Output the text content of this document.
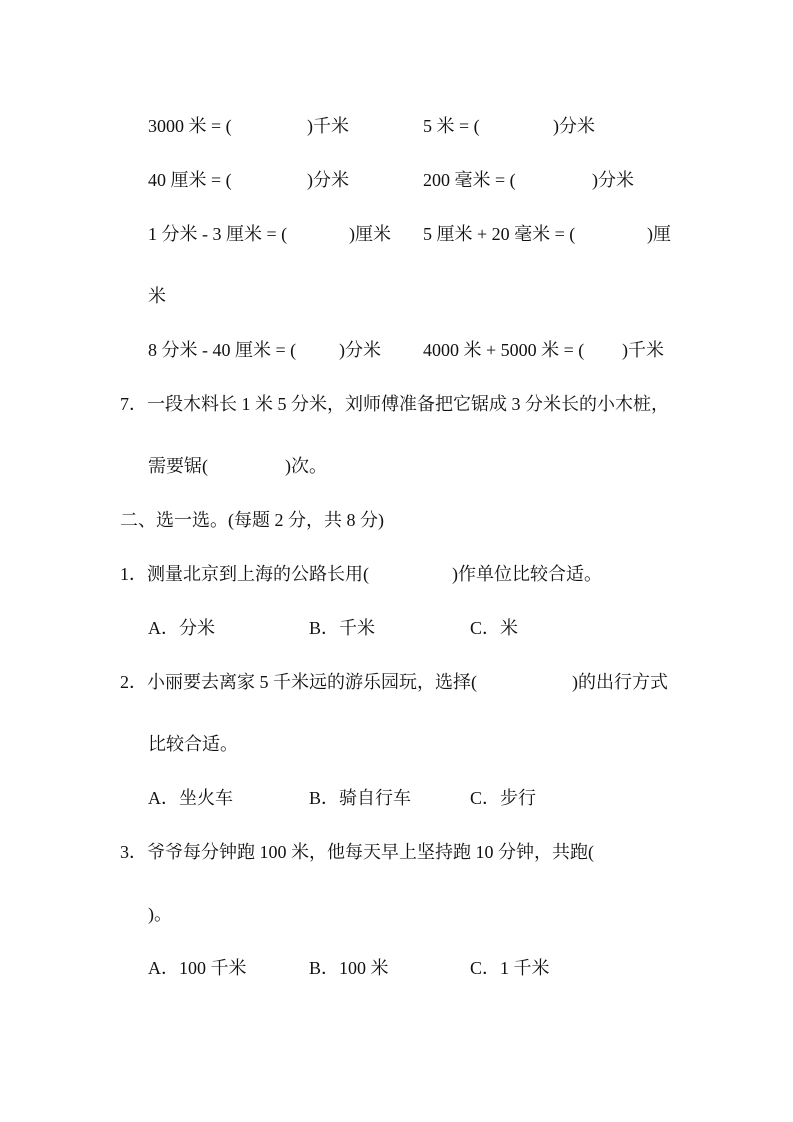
3000 米 = (	)千米	5 米 = (	)分米
40 厘米 = (	)分米	200 毫米 = (	)分米
1 分米 - 3 厘米 = (	)厘米 5 厘米 + 20 毫米 = (	)厘
米
8 分米 - 40 厘米 = ( )分米 4000 米 + 5000 米 = ( )千米
7．一段木料长 1 米 5 分米，刘师傅准备把它锯成 3 分米长的小木桩，
需要锯(	)次。
二、选一选。(每题 2 分，共 8 分)
1．测量北京到上海的公路长用(	)作单位比较合适。
A．分米	B．千米	C．米
2．小丽要去离家 5 千米远的游乐园玩，选择(	)的出行方式
比较合适。
A．坐火车	B．骑自行车	C．步行
3．爷爷每分钟跑 100 米，他每天早上坚持跑 10 分钟，共跑(
)。
A．100 千米	B．100 米	C．1 千米
